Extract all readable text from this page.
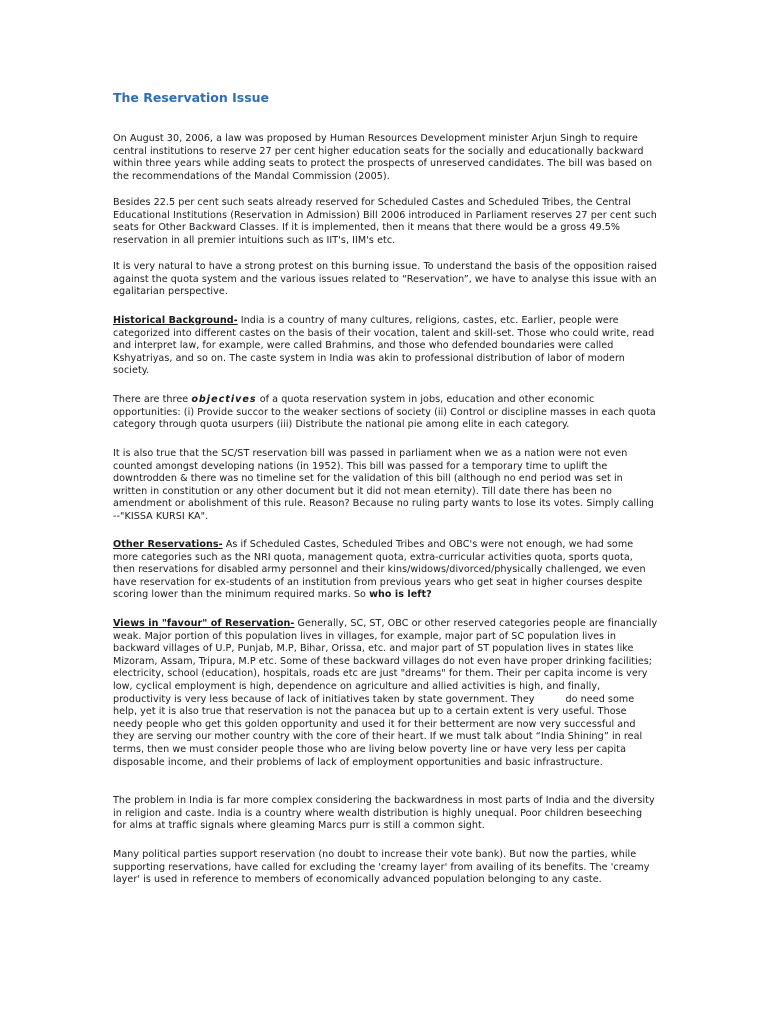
The Reservation Issue

On August 30, 2006, a law was proposed by Human Resources Development minister Arjun Singh to require central institutions to reserve 27 per cent higher education seats for the socially and educationally backward within three years while adding seats to protect the prospects of unreserved candidates. The bill was based on the recommendations of the Mandal Commission (2005).

Besides 22.5 per cent such seats already reserved for Scheduled Castes and Scheduled Tribes, the Central Educational Institutions (Reservation in Admission) Bill 2006 introduced in Parliament reserves 27 per cent such seats for Other Backward Classes. If it is implemented, then it means that there would be a gross 49.5% reservation in all premier intuitions such as IIT's, IIM's etc.

It is very natural to have a strong protest on this burning issue. To understand the basis of the opposition raised against the quota system and the various issues related to “Reservation”, we have to analyse this issue with an egalitarian perspective.

Historical Background- India is a country of many cultures, religions, castes, etc. Earlier, people were categorized into different castes on the basis of their vocation, talent and skill-set. Those who could write, read and interpret law, for example, were called Brahmins, and those who defended boundaries were called Kshyatriyas, and so on. The caste system in India was akin to professional distribution of labor of modern society.

There are three objectives of a quota reservation system in jobs, education and other economic opportunities: (i) Provide succor to the weaker sections of society (ii) Control or discipline masses in each quota category through quota usurpers (iii) Distribute the national pie among elite in each category.

It is also true that the SC/ST reservation bill was passed in parliament when we as a nation were not even counted amongst developing nations (in 1952). This bill was passed for a temporary time to uplift the downtrodden & there was no timeline set for the validation of this bill (although no end period was set in written in constitution or any other document but it did not mean eternity). Till date there has been no amendment or abolishment of this rule. Reason? Because no ruling party wants to lose its votes. Simply calling --"KISSA KURSI KA".

Other Reservations- As if Scheduled Castes, Scheduled Tribes and OBC's were not enough, we had some more categories such as the NRI quota, management quota, extra-curricular activities quota, sports quota, then reservations for disabled army personnel and their kins/widows/divorced/physically challenged, we even have reservation for ex-students of an institution from previous years who get seat in higher courses despite scoring lower than the minimum required marks. So who is left?

Views in "favour" of Reservation- Generally, SC, ST, OBC or other reserved categories people are financially weak. Major portion of this population lives in villages, for example, major part of SC population lives in backward villages of U.P, Punjab, M.P, Bihar, Orissa, etc. and major part of ST population lives in states like Mizoram, Assam, Tripura, M.P etc. Some of these backward villages do not even have proper drinking facilities; electricity, school (education), hospitals, roads etc are just "dreams" for them. Their per capita income is very low, cyclical employment is high, dependence on agriculture and allied activities is high, and finally, productivity is very less because of lack of initiatives taken by state government. They          do need some help, yet it is also true that reservation is not the panacea but up to a certain extent is very useful. Those needy people who get this golden opportunity and used it for their betterment are now very successful and they are serving our mother country with the core of their heart. If we must talk about “India Shining” in real terms, then we must consider people those who are living below poverty line or have very less per capita disposable income, and their problems of lack of employment opportunities and basic infrastructure.

The problem in India is far more complex considering the backwardness in most parts of India and the diversity in religion and caste. India is a country where wealth distribution is highly unequal. Poor children beseeching for alms at traffic signals where gleaming Marcs purr is still a common sight.

Many political parties support reservation (no doubt to increase their vote bank). But now the parties, while supporting reservations, have called for excluding the 'creamy layer' from availing of its benefits. The 'creamy layer' is used in reference to members of economically advanced population belonging to any caste.
